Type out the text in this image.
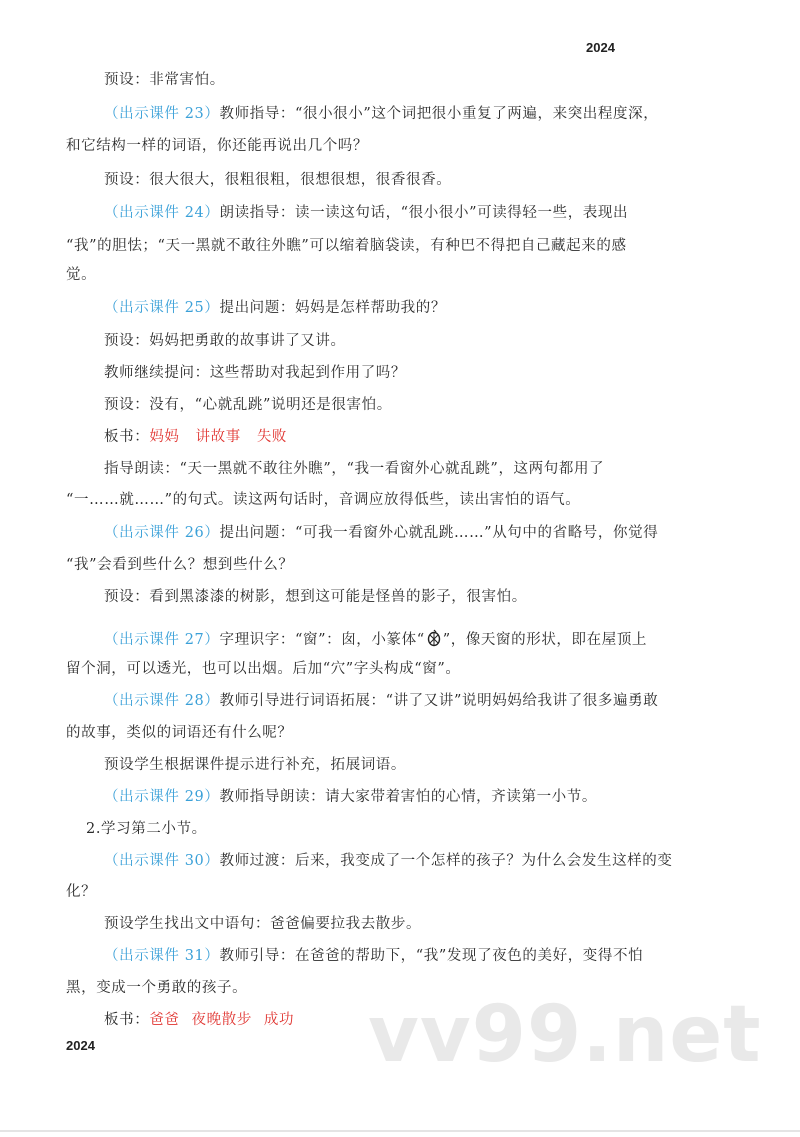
2024
预设：非常害怕。
（出示课件 23）教师指导：“很小很小”这个词把很小重复了两遍，来突出程度深，
和它结构一样的词语，你还能再说出几个吗？
预设：很大很大，很粗很粗，很想很想，很香很香。
（出示课件 24）朗读指导：读一读这句话，“很小很小”可读得轻一些，表现出
“我”的胆怯；“天一黑就不敢往外瞧”可以缩着脑袋读，有种巴不得把自己藏起来的感
觉。
（出示课件 25）提出问题：妈妈是怎样帮助我的？
预设：妈妈把勇敢的故事讲了又讲。
教师继续提问：这些帮助对我起到作用了吗？
预设：没有，“心就乱跳”说明还是很害怕。
板书：妈妈 讲故事 失败
指导朗读：“天一黑就不敢往外瞧”，“我一看窗外心就乱跳”，这两句都用了
“一……就……”的句式。读这两句话时，音调应放得低些，读出害怕的语气。
（出示课件 26）提出问题：“可我一看窗外心就乱跳……”从句中的省略号，你觉得
“我”会看到些什么？想到些什么？
预设：看到黑漆漆的树影，想到这可能是怪兽的影子，很害怕。
（出示课件 27）字理识字：“窗”：囱，小篆体“ ”，像天窗的形状，即在屋顶上
留个洞，可以透光，也可以出烟。后加“穴”字头构成“窗”。
（出示课件 28）教师引导进行词语拓展：“讲了又讲”说明妈妈给我讲了很多遍勇敢
的故事，类似的词语还有什么呢？
预设学生根据课件提示进行补充，拓展词语。
（出示课件 29）教师指导朗读：请大家带着害怕的心情，齐读第一小节。
2.学习第二小节。
（出示课件 30）教师过渡：后来，我变成了一个怎样的孩子？为什么会发生这样的变
化？
预设学生找出文中语句：爸爸偏要拉我去散步。
（出示课件 31）教师引导：在爸爸的帮助下，“我”发现了夜色的美好，变得不怕
黑，变成一个勇敢的孩子。
板书：爸爸 夜晚散步 成功 vv99.net
2024
